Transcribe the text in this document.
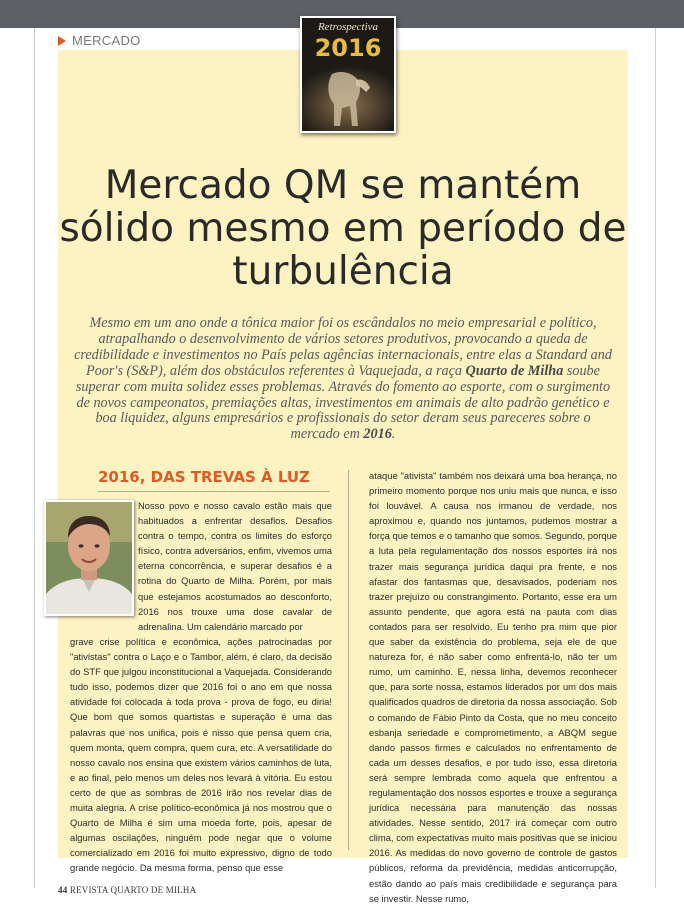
MERCADO
Retrospectiva
2016
Mercado QM se mantém sólido mesmo em período de turbulência

Mesmo em um ano onde a tônica maior foi os escândalos no meio empresarial e político, atrapalhando o desenvolvimento de vários setores produtivos, provocando a queda de credibilidade e investimentos no País pelas agências internacionais, entre elas a Standard and Poor's (S&P), além dos obstáculos referentes à Vaquejada, a raça Quarto de Milha soube superar com muita solidez esses problemas. Através do fomento ao esporte, com o surgimento de novos campeonatos, premiações altas, investimentos em animais de alto padrão genético e boa liquidez, alguns empresários e profissionais do setor deram seus pareceres sobre o mercado em 2016.

2016, DAS TREVAS À LUZ

Nosso povo e nosso cavalo estão mais que habituados a enfrentar desafios. Desafios contra o tempo, contra os limites do esforço físico, contra adversários, enfim, vivemos uma eterna concorrência, e superar desafios é a rotina do Quarto de Milha. Porém, por mais que estejamos acostumados ao desconforto, 2016 nos trouxe uma dose cavalar de adrenalina. Um calendário marcado por

grave crise política e econômica, ações patrocinadas por "ativistas" contra o Laço e o Tambor, além, é claro, da decisão do STF que julgou inconstitucional a Vaquejada. Considerando tudo isso, podemos dizer que 2016 foi o ano em que nossa atividade foi colocada à toda prova - prova de fogo, eu diria! Que bom que somos quartistas e superação é uma das palavras que nos unifica, pois é nisso que pensa quem cria, quem monta, quem compra, quem cura, etc. A versatilidade do nosso cavalo nos ensina que existem vários caminhos de luta, e ao final, pelo menos um deles nos levará à vitória. Eu estou certo de que as sombras de 2016 irão nos revelar dias de muita alegria. A crise político-econômica já nos mostrou que o Quarto de Milha é sim uma moeda forte, pois, apesar de algumas oscilações, ninguém pode negar que o volume comercializado em 2016 foi muito expressivo, digno de todo grande negócio. Da mesma forma, penso que esse

ataque "ativista" também nos deixará uma boa herança, no primeiro momento porque nos uniu mais que nunca, e isso foi louvável. A causa nos irmanou de verdade, nos aproximou e, quando nos juntamos, pudemos mostrar a força que temos e o tamanho que somos. Segundo, porque a luta pela regulamentação dos nossos esportes irá nos trazer mais segurança jurídica daqui pra frente, e nos afastar dos fantasmas que, desavisados, poderiam nos trazer prejuízo ou constrangimento. Portanto, esse era um assunto pendente, que agora está na pauta com dias contados para ser resolvido. Eu tenho pra mim que pior que saber da existência do problema, seja ele de que natureza for, é não saber como enfrentá-lo, não ter um rumo, um caminho. E, nessa linha, devemos reconhecer que, para sorte nossa, estamos liderados por um dos mais qualificados quadros de diretoria da nossa associação. Sob o comando de Fábio Pinto da Costa, que no meu conceito esbanja seriedade e comprometimento, a ABQM segue dando passos firmes e calculados no enfrentamento de cada um desses desafios, e por tudo isso, essa diretoria será sempre lembrada como aquela que enfrentou a regulamentação dos nossos esportes e trouxe a segurança jurídica necessária para manutenção das nossas atividades. Nesse sentido, 2017 irá começar com outro clima, com expectativas muito mais positivas que se iniciou 2016. As medidas do novo governo de controle de gastos públicos, reforma da previdência, medidas anticorrupção, estão dando ao país mais credibilidade e segurança para se investir. Nesse rumo,

44 REVISTA QUARTO DE MILHA
